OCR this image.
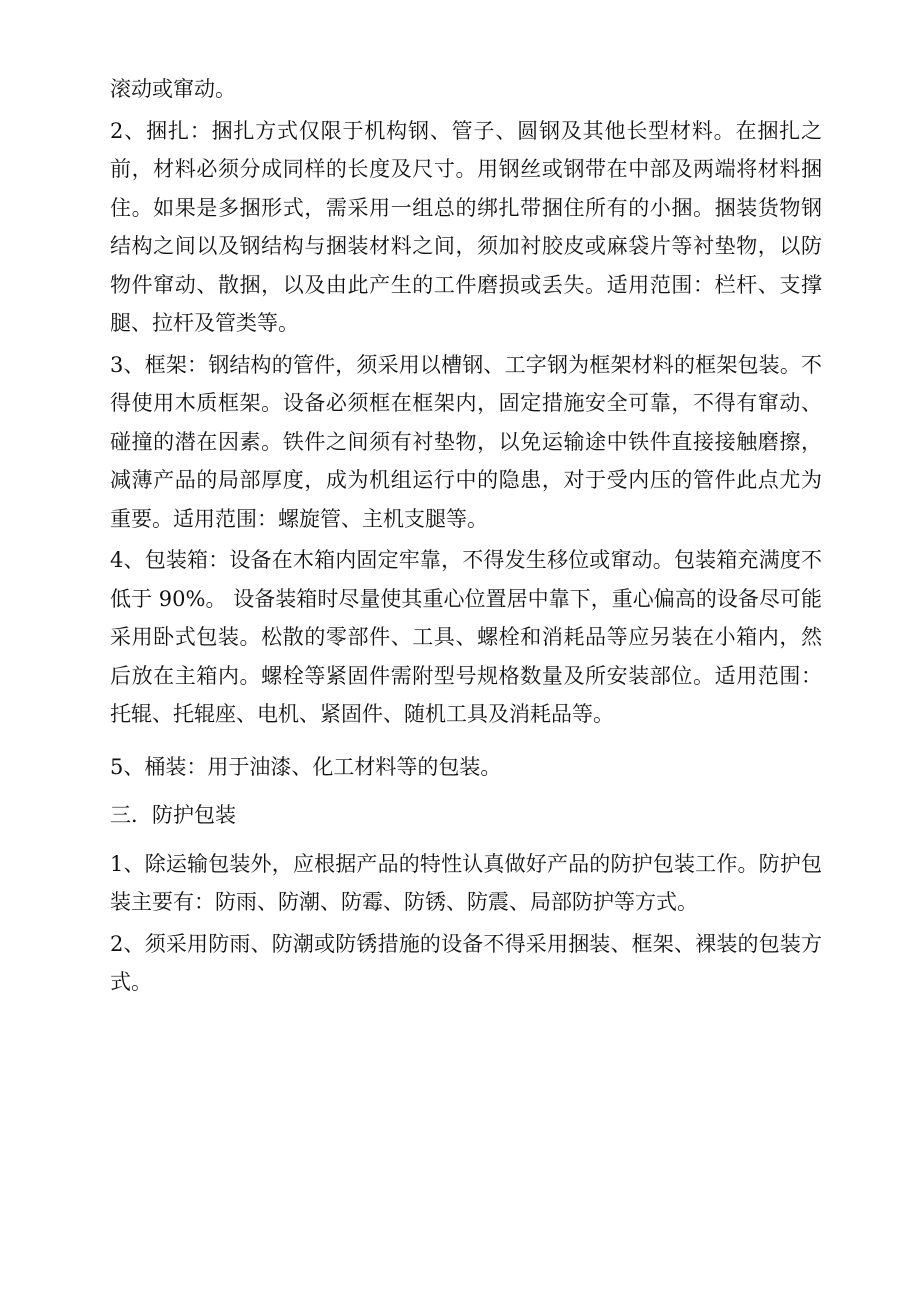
滚动或窜动。

2、捆扎：捆扎方式仅限于机构钢、管子、圆钢及其他长型材料。在捆扎之前，材料必须分成同样的长度及尺寸。用钢丝或钢带在中部及两端将材料捆住。如果是多捆形式，需采用一组总的绑扎带捆住所有的小捆。捆装货物钢结构之间以及钢结构与捆装材料之间，须加衬胶皮或麻袋片等衬垫物，以防物件窜动、散捆，以及由此产生的工件磨损或丢失。适用范围：栏杆、支撑腿、拉杆及管类等。

3、框架：钢结构的管件，须采用以槽钢、工字钢为框架材料的框架包装。不得使用木质框架。设备必须框在框架内，固定措施安全可靠，不得有窜动、碰撞的潜在因素。铁件之间须有衬垫物，以免运输途中铁件直接接触磨擦，减薄产品的局部厚度，成为机组运行中的隐患，对于受内压的管件此点尤为重要。适用范围：螺旋管、主机支腿等。

4、包装箱：设备在木箱内固定牢靠，不得发生移位或窜动。包装箱充满度不低于 90%。 设备装箱时尽量使其重心位置居中靠下，重心偏高的设备尽可能采用卧式包装。松散的零部件、工具、螺栓和消耗品等应另装在小箱内，然后放在主箱内。螺栓等紧固件需附型号规格数量及所安装部位。适用范围：托辊、托辊座、电机、紧固件、随机工具及消耗品等。

5、桶装：用于油漆、化工材料等的包装。

三．防护包装

1、除运输包装外，应根据产品的特性认真做好产品的防护包装工作。防护包装主要有：防雨、防潮、防霉、防锈、防震、局部防护等方式。

2、须采用防雨、防潮或防锈措施的设备不得采用捆装、框架、裸装的包装方式。
